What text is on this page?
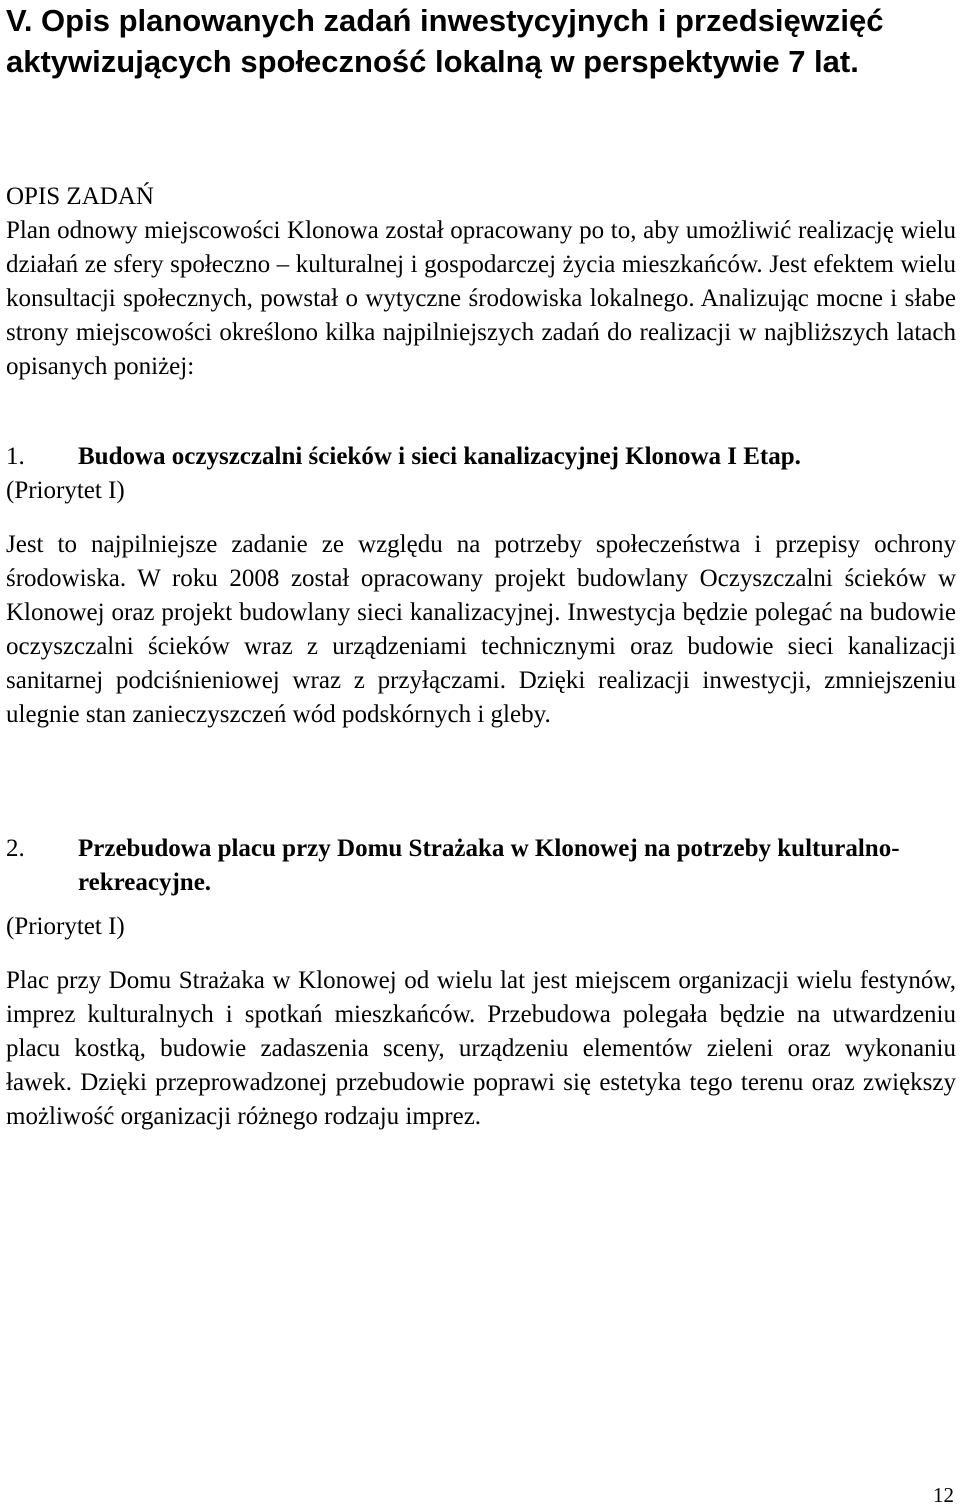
V. Opis planowanych zadań inwestycyjnych i przedsięwzięć aktywizujących społeczność lokalną w perspektywie 7 lat.
OPIS ZADAŃ

Plan odnowy miejscowości Klonowa został opracowany po to, aby umożliwić realizację wielu działań ze sfery społeczno – kulturalnej i gospodarczej życia mieszkańców. Jest efektem wielu konsultacji społecznych, powstał o wytyczne środowiska lokalnego. Analizując mocne i słabe strony miejscowości określono kilka najpilniejszych zadań do realizacji w najbliższych latach opisanych poniżej:

1.	Budowa oczyszczalni ścieków i sieci kanalizacyjnej Klonowa I Etap.
(Priorytet I)

Jest to najpilniejsze zadanie ze względu na potrzeby społeczeństwa i przepisy ochrony środowiska. W roku 2008 został opracowany projekt budowlany Oczyszczalni ścieków w Klonowej oraz projekt budowlany sieci kanalizacyjnej. Inwestycja będzie polegać na budowie oczyszczalni ścieków wraz z urządzeniami technicznymi oraz budowie sieci kanalizacji sanitarnej podciśnieniowej wraz z przyłączami. Dzięki realizacji inwestycji, zmniejszeniu ulegnie stan zanieczyszczeń wód podskórnych i gleby.

2.	Przebudowa placu przy Domu Strażaka w Klonowej na potrzeby kulturalno-rekreacyjne.
(Priorytet I)

Plac przy Domu Strażaka w Klonowej od wielu lat jest miejscem organizacji wielu festynów, imprez kulturalnych i spotkań mieszkańców. Przebudowa polegała będzie na utwardzeniu placu kostką, budowie zadaszenia sceny, urządzeniu elementów zieleni oraz wykonaniu ławek. Dzięki przeprowadzonej przebudowie poprawi się estetyka tego terenu oraz zwiększy możliwość organizacji różnego rodzaju imprez.

12
